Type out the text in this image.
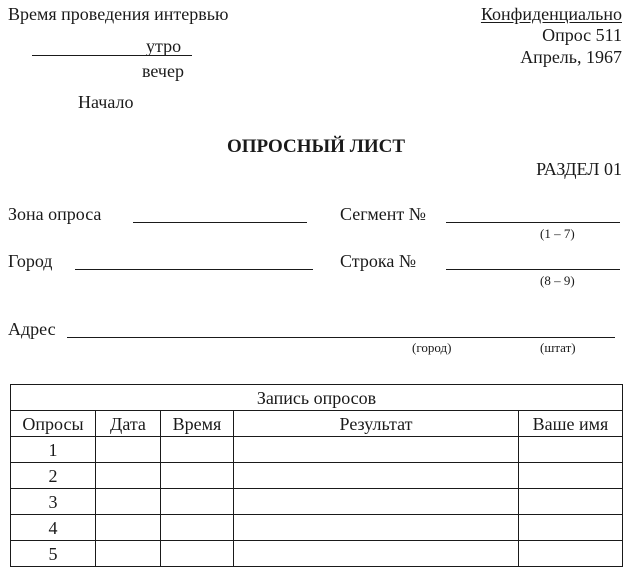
Время проведения интервью
утро
вечер
Начало
Конфиденциально
Опрос 511
Апрель, 1967
ОПРОСНЫЙ ЛИСТ
РАЗДЕЛ 01
Зона опроса	Сегмент №
(1 – 7)
Город	Строка №
(8 – 9)
Адрес
(город)	(штат)
Запись опросов				
Опросы	Дата	Время	Результат	Ваше имя
1				
2				
3				
4				
5				
